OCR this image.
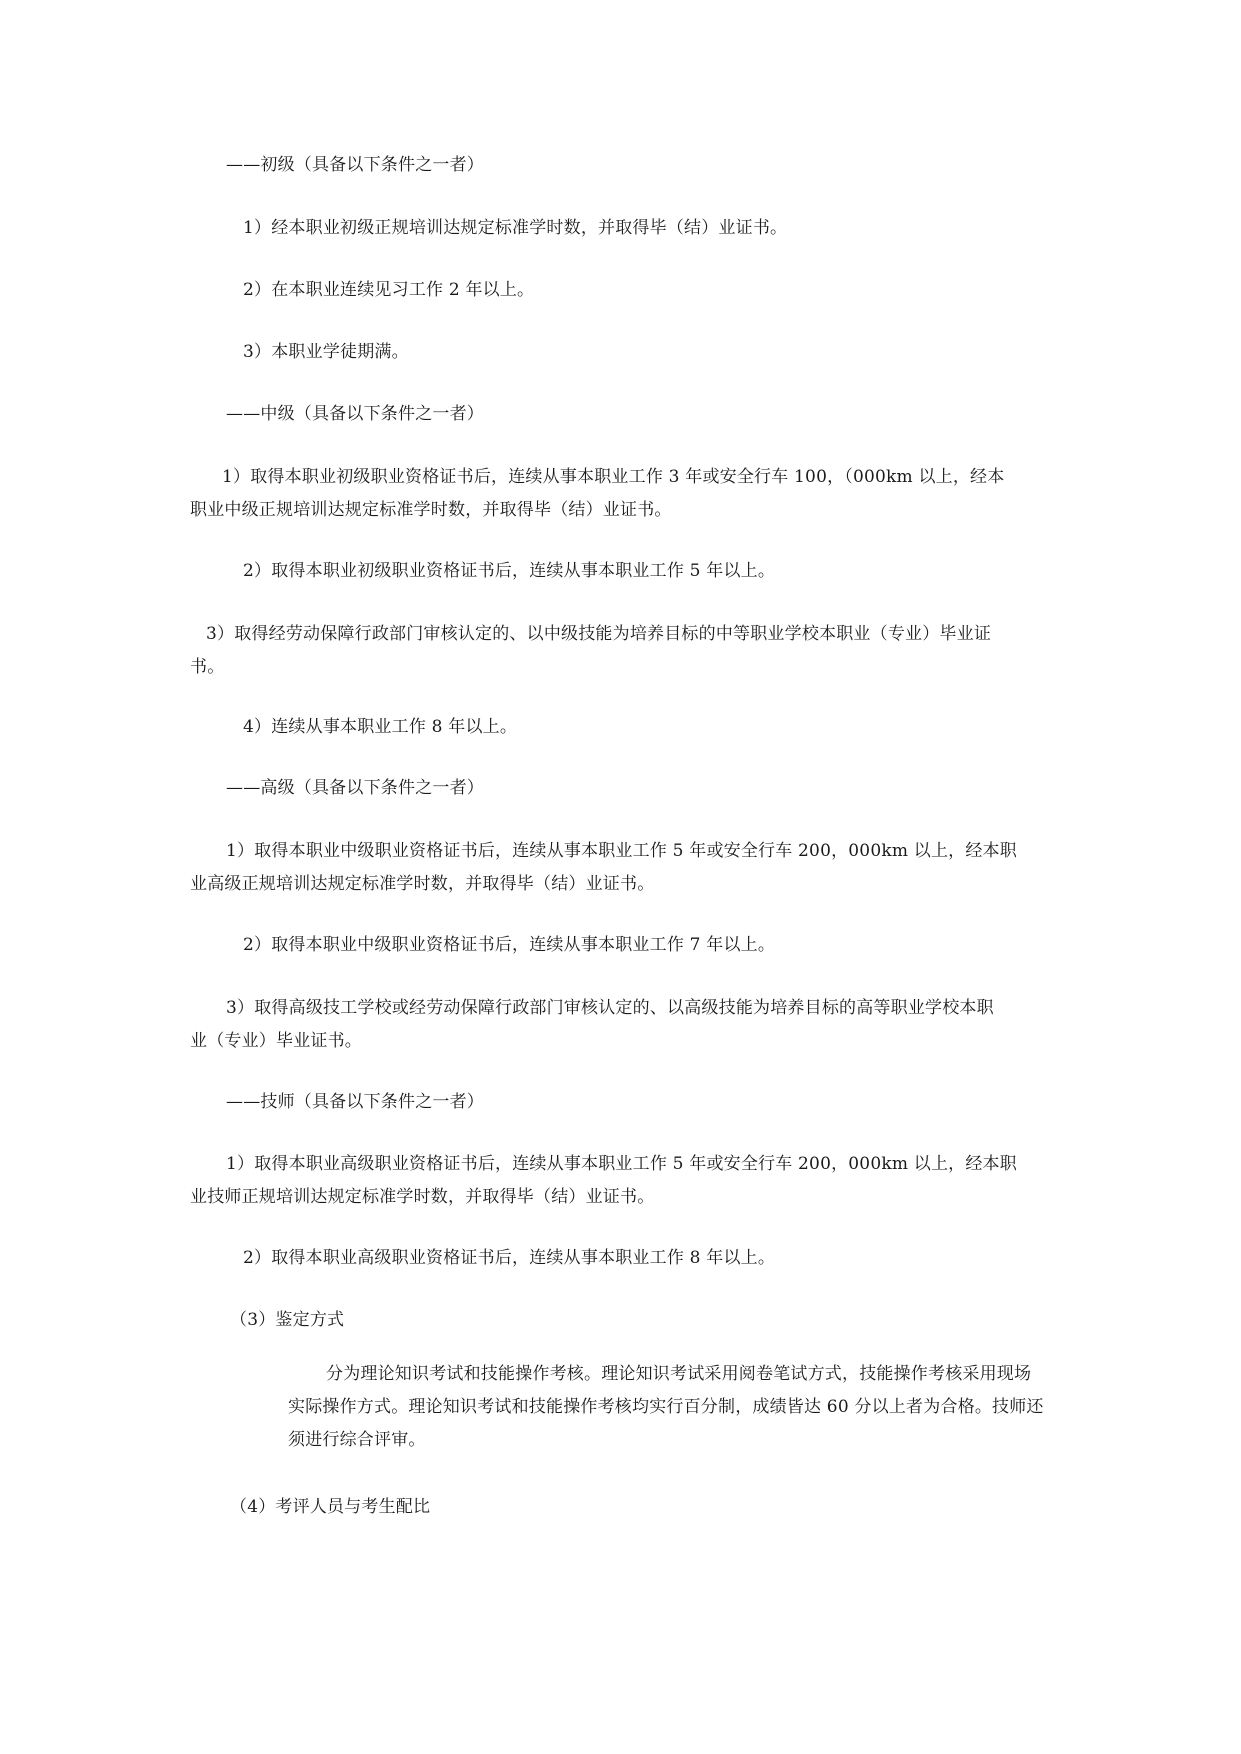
——初级（具备以下条件之一者）
1）经本职业初级正规培训达规定标准学时数，并取得毕（结）业证书。
2）在本职业连续见习工作 2 年以上。
3）本职业学徒期满。
——中级（具备以下条件之一者）
1）取得本职业初级职业资格证书后，连续从事本职业工作 3 年或安全行车 100，（000km 以上，经本
职业中级正规培训达规定标准学时数，并取得毕（结）业证书。
2）取得本职业初级职业资格证书后，连续从事本职业工作 5 年以上。
3）取得经劳动保障行政部门审核认定的、以中级技能为培养目标的中等职业学校本职业（专业）毕业证
书。
4）连续从事本职业工作 8 年以上。
——高级（具备以下条件之一者）
1）取得本职业中级职业资格证书后，连续从事本职业工作 5 年或安全行车 200，000km 以上，经本职
业高级正规培训达规定标准学时数，并取得毕（结）业证书。
2）取得本职业中级职业资格证书后，连续从事本职业工作 7 年以上。
3）取得高级技工学校或经劳动保障行政部门审核认定的、以高级技能为培养目标的高等职业学校本职
业（专业）毕业证书。
——技师（具备以下条件之一者）
1）取得本职业高级职业资格证书后，连续从事本职业工作 5 年或安全行车 200，000km 以上，经本职
业技师正规培训达规定标准学时数，并取得毕（结）业证书。
2）取得本职业高级职业资格证书后，连续从事本职业工作 8 年以上。
（3）鉴定方式
分为理论知识考试和技能操作考核。理论知识考试采用阅卷笔试方式，技能操作考核采用现场实际操作方式。理论知识考试和技能操作考核均实行百分制，成绩皆达 60 分以上者为合格。技师还须进行综合评审。
（4）考评人员与考生配比
